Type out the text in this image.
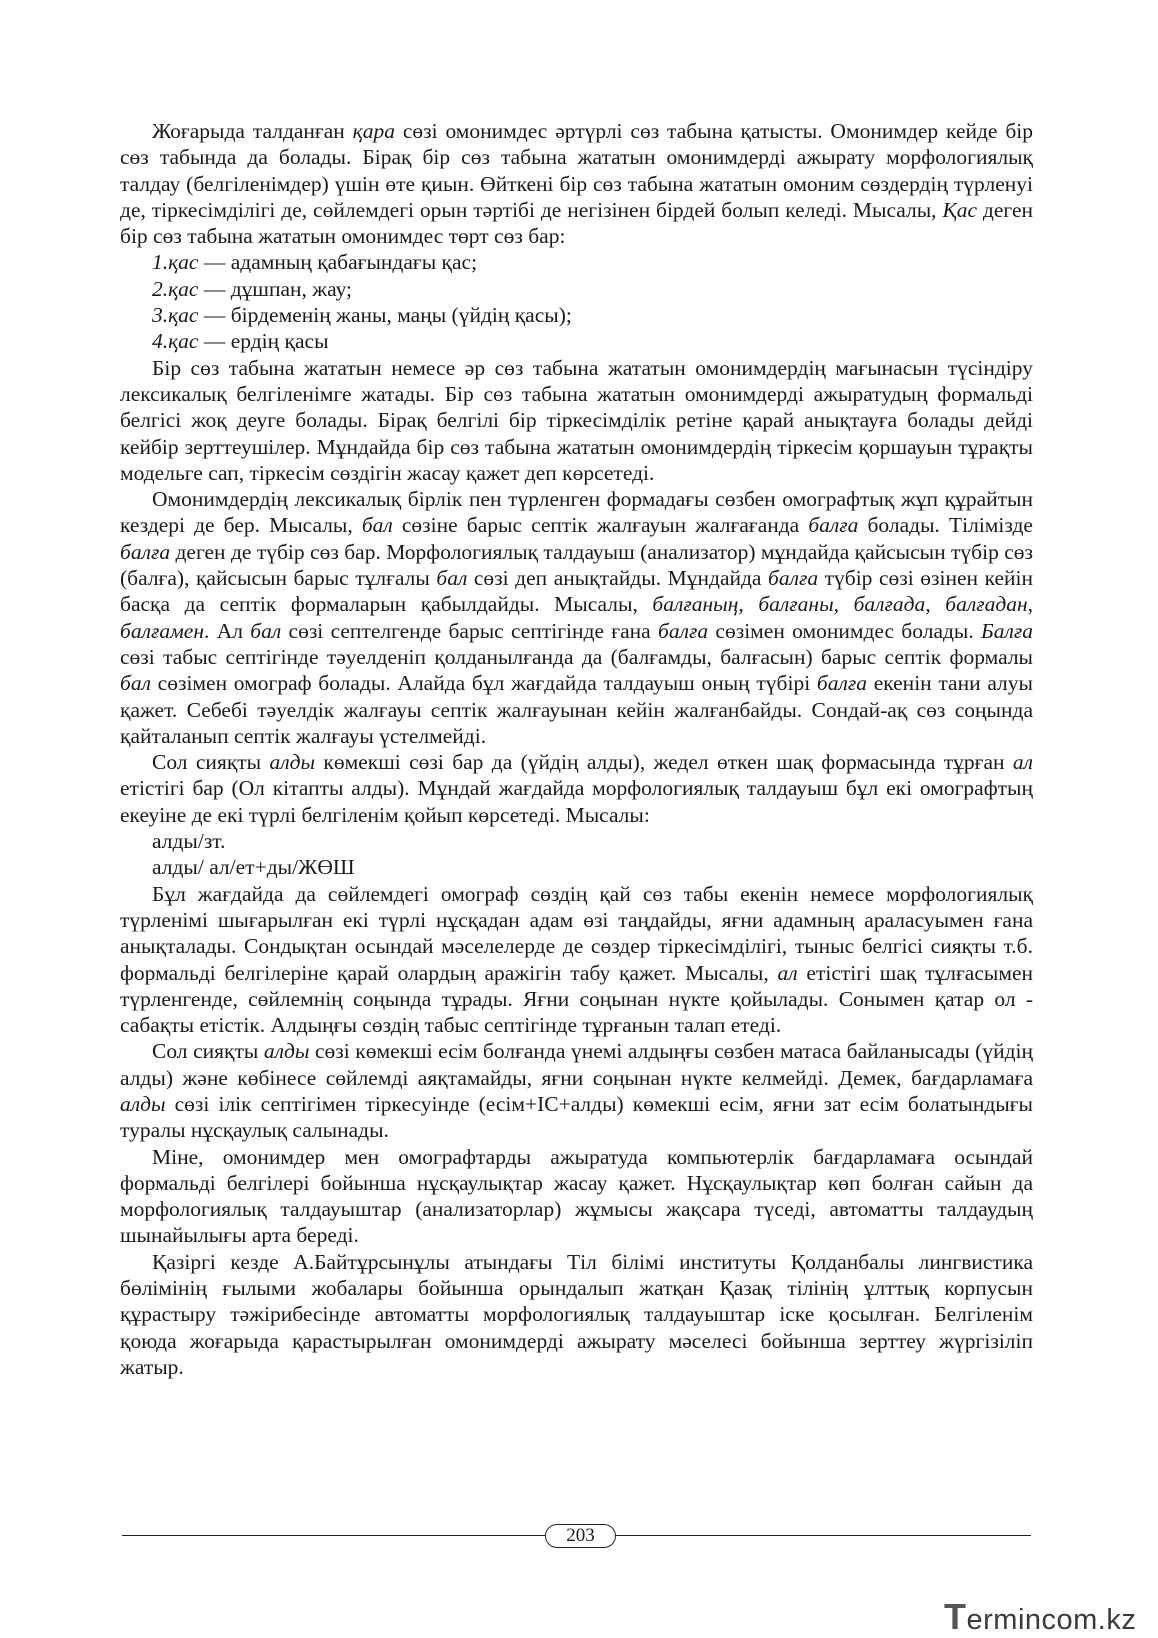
Жоғарыда талданған қара сөзі омонимдес әртүрлі сөз табына қатысты. Омонимдер кейде бір сөз табында да болады. Бірақ бір сөз табына жататын омонимдерді ажырату морфологиялық талдау (белгіленімдер) үшін өте қиын. Өйткені бір сөз табына жататын омоним сөздердің түрленуі де, тіркесімділігі де, сөйлемдегі орын тәртібі де негізінен бірдей болып келеді. Мысалы, Қас деген бір сөз табына жататын омонимдес төрт сөз бар:

1.қас — адамның қабағындағы қас;

2.қас — дұшпан, жау;

3.қас — бірдеменің жаны, маңы (үйдің қасы);

4.қас — ердің қасы

Бір сөз табына жататын немесе әр сөз табына жататын омонимдердің мағынасын түсіндіру лексикалық белгіленімге жатады. Бір сөз табына жататын омонимдерді ажыратудың формальді белгісі жоқ деуге болады. Бірақ белгілі бір тіркесімділік ретіне қарай анықтауға болады дейді кейбір зерттеушілер. Мұндайда бір сөз табына жататын омонимдердің тіркесім қоршауын тұрақты модельге сап, тіркесім сөздігін жасау қажет деп көрсетеді.

Омонимдердің лексикалық бірлік пен түрленген формадағы сөзбен омографтық жұп құрайтын кездері де бер. Мысалы, бал сөзіне барыс септік жалғауын жалғағанда балға болады. Тілімізде балға деген де түбір сөз бар. Морфологиялық талдауыш (анализатор) мұндайда қайсысын түбір сөз (балға), қайсысын барыс тұлғалы бал сөзі деп анықтайды. Мұндайда балға түбір сөзі өзінен кейін басқа да септік формаларын қабылдайды. Мысалы, балғаның, балғаны, балғада, балғадан, балғамен. Ал бал сөзі септелгенде барыс септігінде ғана балға сөзімен омонимдес болады. Балға сөзі табыс септігінде тәуелденіп қолданылғанда да (балғамды, балғасын) барыс септік формалы бал сөзімен омограф болады. Алайда бұл жағдайда талдауыш оның түбірі балға екенін тани алуы қажет. Себебі тәуелдік жалғауы септік жалғауынан кейін жалғанбайды. Сондай-ақ сөз соңында қайталанып септік жалғауы үстелмейді.

Сол сияқты алды көмекші сөзі бар да (үйдің алды), жедел өткен шақ формасында тұрған ал етістігі бар (Ол кітапты алды). Мұндай жағдайда морфологиялық талдауыш бұл екі омографтың екеуіне де екі түрлі белгіленім қойып көрсетеді. Мысалы:

алды/зт.

алды/ ал/ет+ды/ЖӨШ

Бұл жағдайда да сөйлемдегі омограф сөздің қай сөз табы екенін немесе морфологиялық түрленімі шығарылған екі түрлі нұсқадан адам өзі таңдайды, яғни адамның араласуымен ғана анықталады. Сондықтан осындай мәселелерде де сөздер тіркесімділігі, тыныс белгісі сияқты т.б. формальді белгілеріне қарай олардың аражігін табу қажет. Мысалы, ал етістігі шақ тұлғасымен түрленгенде, сөйлемнің соңында тұрады. Яғни соңынан нүкте қойылады. Сонымен қатар ол - сабақты етістік. Алдыңғы сөздің табыс септігінде тұрғанын талап етеді.

Сол сияқты алды сөзі көмекші есім болғанда үнемі алдыңғы сөзбен матаса байланысады (үйдің алды) және көбінесе сөйлемді аяқтамайды, яғни соңынан нүкте келмейді. Демек, бағдарламаға алды сөзі ілік септігімен тіркесуінде (есім+ІС+алды) көмекші есім, яғни зат есім болатындығы туралы нұсқаулық салынады.

Міне, омонимдер мен омографтарды ажыратуда компьютерлік бағдарламаға осындай формальді белгілері бойынша нұсқаулықтар жасау қажет. Нұсқаулықтар көп болған сайын да морфологиялық талдауыштар (анализаторлар) жұмысы жақсара түседі, автоматты талдаудың шынайылығы арта береді.

Қазіргі кезде А.Байтұрсынұлы атындағы Тіл білімі институты Қолданбалы лингвистика бөлімінің ғылыми жобалары бойынша орындалып жатқан Қазақ тілінің ұлттық корпусын құрастыру тәжірибесінде автоматты морфологиялық талдауыштар іске қосылған. Белгіленім қоюда жоғарыда қарастырылған омонимдерді ажырату мәселесі бойынша зерттеу жүргізіліп жатыр.

203
Termincom.kz
